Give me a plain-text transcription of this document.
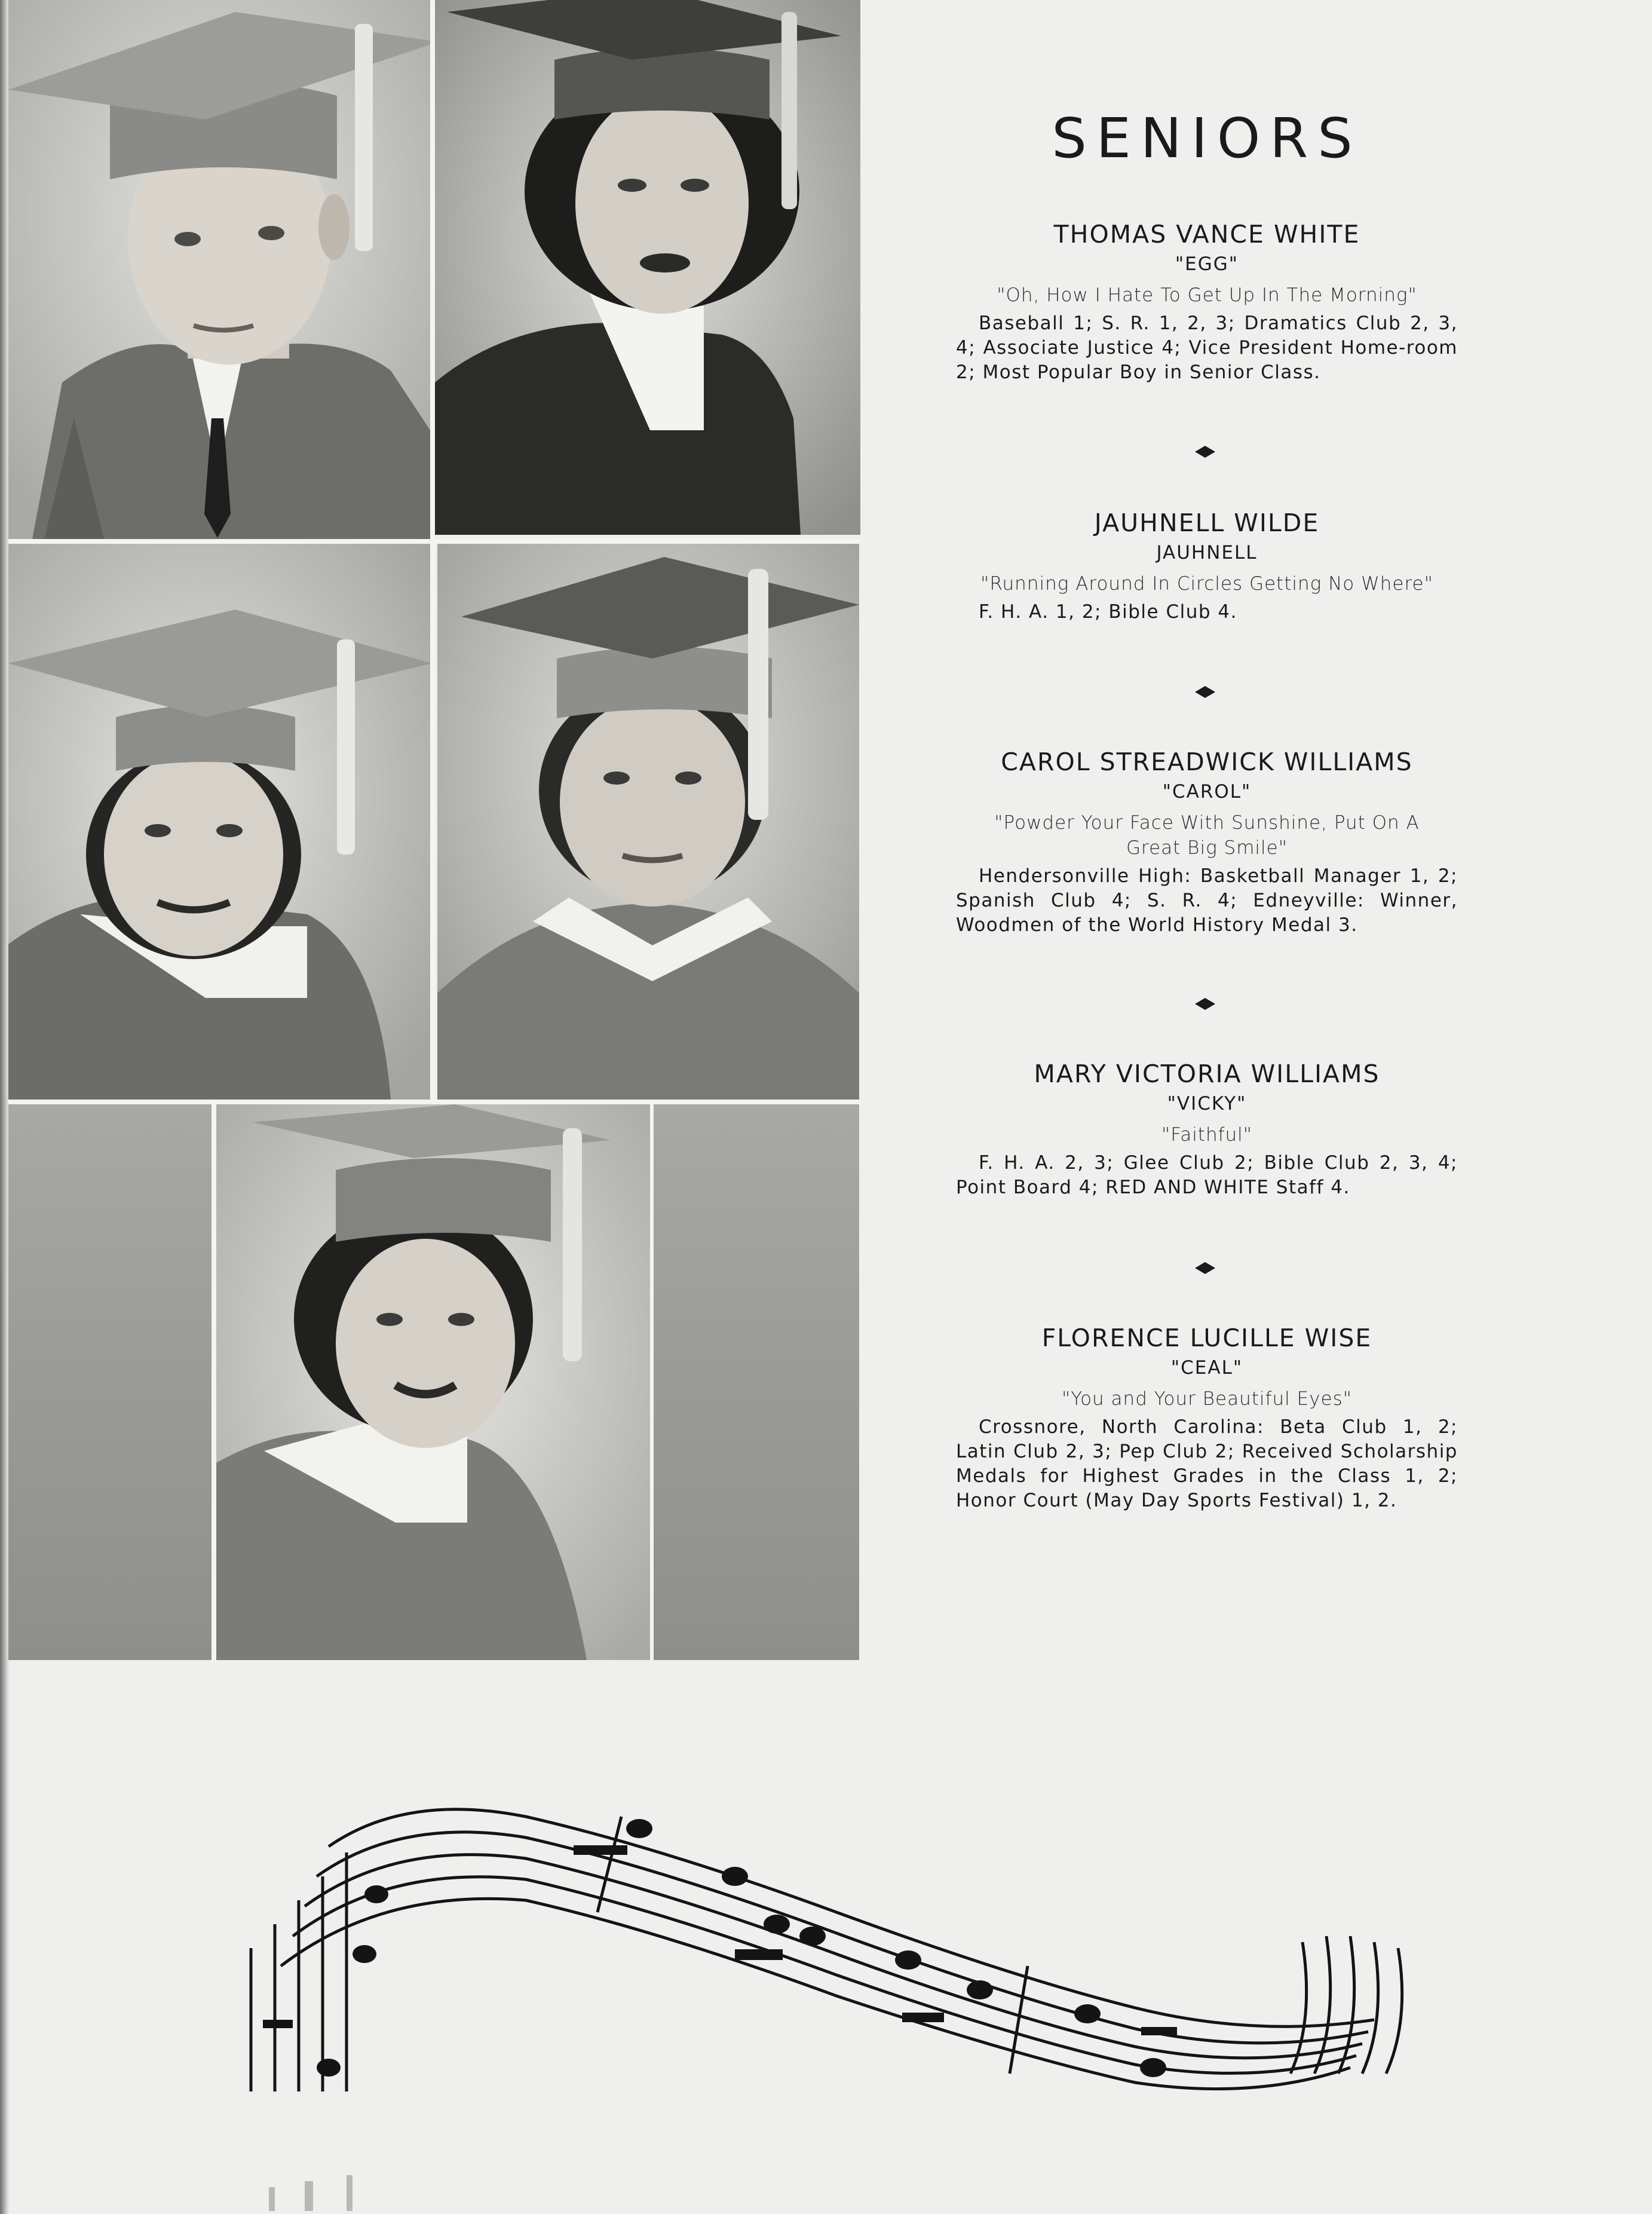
SENIORS
THOMAS VANCE WHITE
"EGG"
"Oh, How I Hate To Get Up In The Morning"
Baseball 1; S. R. 1, 2, 3; Dramatics Club 2, 3, 4; Associate Justice 4; Vice President Home-room 2; Most Popular Boy in Senior Class.
JAUHNELL WILDE
JAUHNELL
"Running Around In Circles Getting No Where"
F. H. A. 1, 2; Bible Club 4.
CAROL STREADWICK WILLIAMS
"CAROL"
"Powder Your Face With Sunshine, Put On A Great Big Smile"
Hendersonville High: Basketball Manager 1, 2; Spanish Club 4; S. R. 4; Edneyville: Winner, Woodmen of the World History Medal 3.
MARY VICTORIA WILLIAMS
"VICKY"
"Faithful"
F. H. A. 2, 3; Glee Club 2; Bible Club 2, 3, 4; Point Board 4; RED AND WHITE Staff 4.
FLORENCE LUCILLE WISE
"CEAL"
"You and Your Beautiful Eyes"
Crossnore, North Carolina: Beta Club 1, 2; Latin Club 2, 3; Pep Club 2; Received Scholarship Medals for Highest Grades in the Class 1, 2; Honor Court (May Day Sports Festival) 1, 2.
